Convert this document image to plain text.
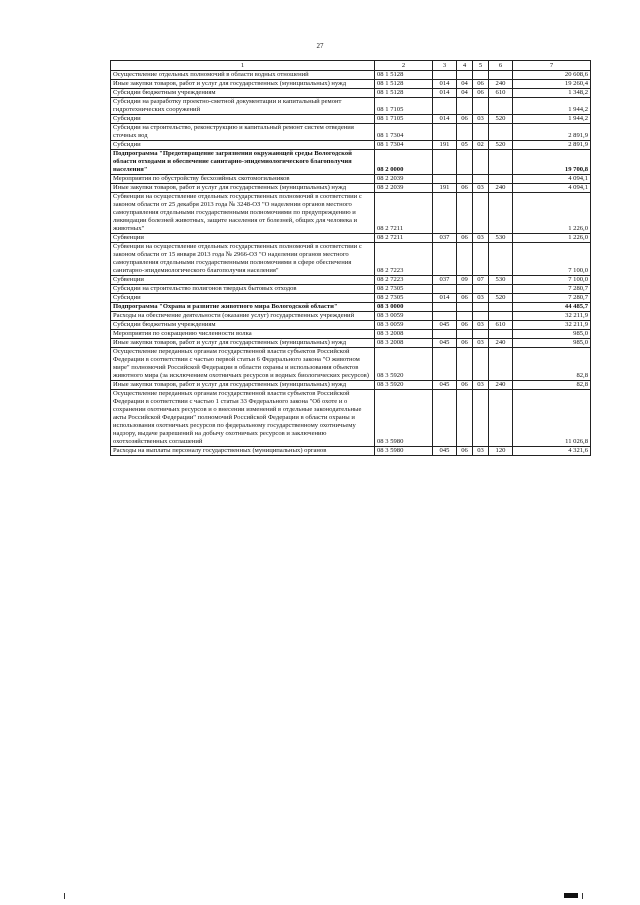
27
1	2	3	4	5	6	7
Осуществление отдельных полномочий в области водных отношений	08 1 5128					20 608,6
Иные закупки товаров, работ и услуг для государственных (муниципальных) нужд	08 1 5128	014	04	06	240	19 260,4
Субсидии бюджетным учреждениям	08 1 5128	014	04	06	610	1 348,2
Субсидии на разработку проектно-сметной документации и капитальный ремонт гидротехнических сооружений	08 1 7105					1 944,2
Субсидии	08 1 7105	014	06	03	520	1 944,2
Субсидии на строительство, реконструкцию и капитальный ремонт систем отведения сточных вод	08 1 7304					2 891,9
Субсидии	08 1 7304	191	05	02	520	2 891,9
Подпрограмма "Предотвращение загрязнения окружающей среды Вологодской области отходами и обеспечение санитарно-эпидемиологического благополучия населения"	08 2 0000					19 700,8
Мероприятия по обустройству бесхозяйных скотомогильников	08 2 2039					4 094,1
Иные закупки товаров, работ и услуг для государственных (муниципальных) нужд	08 2 2039	191	06	03	240	4 094,1
Субвенции на осуществление отдельных государственных полномочий в соответствии с законом области от 25 декабря 2013 года № 3248-ОЗ "О наделении органов местного самоуправления отдельными государственными полномочиями по предупреждению и ликвидации болезней животных, защите населения от болезней, общих для человека и животных"	08 2 7211					1 226,0
Субвенции	08 2 7211	037	06	03	530	1 226,0
Субвенции на осуществление отдельных государственных полномочий в соответствии с законом области от 15 января 2013 года № 2966-ОЗ "О наделении органов местного самоуправления отдельными государственными полномочиями в сфере обеспечения санитарно-эпидемиологического благополучия населения"	08 2 7223					7 100,0
Субвенции	08 2 7223	037	09	07	530	7 100,0
Субсидии на строительство полигонов твердых бытовых отходов	08 2 7305					7 280,7
Субсидии	08 2 7305	014	06	03	520	7 280,7
Подпрограмма "Охрана и развитие животного мира Вологодской области"	08 3 0000					44 485,7
Расходы на обеспечение деятельности (оказание услуг) государственных учреждений	08 3 0059					32 211,9
Субсидии бюджетным учреждениям	08 3 0059	045	06	03	610	32 211,9
Мероприятия по сокращению численности волка	08 3 2008					985,0
Иные закупки товаров, работ и услуг для государственных (муниципальных) нужд	08 3 2008	045	06	03	240	985,0
Осуществление переданных органам государственной власти субъектов Российской Федерации в соответствии с частью первой статьи 6 Федерального закона "О животном мире" полномочий Российской Федерации в области охраны и использования объектов животного мира (за исключением охотничьих ресурсов и водных биологических ресурсов)	08 3 5920					82,8
Иные закупки товаров, работ и услуг для государственных (муниципальных) нужд	08 3 5920	045	06	03	240	82,8
Осуществление переданных органам государственной власти субъектов Российской Федерации в соответствии с частью 1 статьи 33 Федерального закона "Об охоте и о сохранении охотничьих ресурсов и о внесении изменений в отдельные законодательные акты Российской Федерации" полномочий Российской Федерации в области охраны и использования охотничьих ресурсов по федеральному государственному охотничьему надзору, выдаче разрешений на добычу охотничьих ресурсов и заключению охотхозяйственных соглашений	08 3 5980					11 026,8
Расходы на выплаты персоналу государственных (муниципальных) органов	08 3 5980	045	06	03	120	4 321,6
